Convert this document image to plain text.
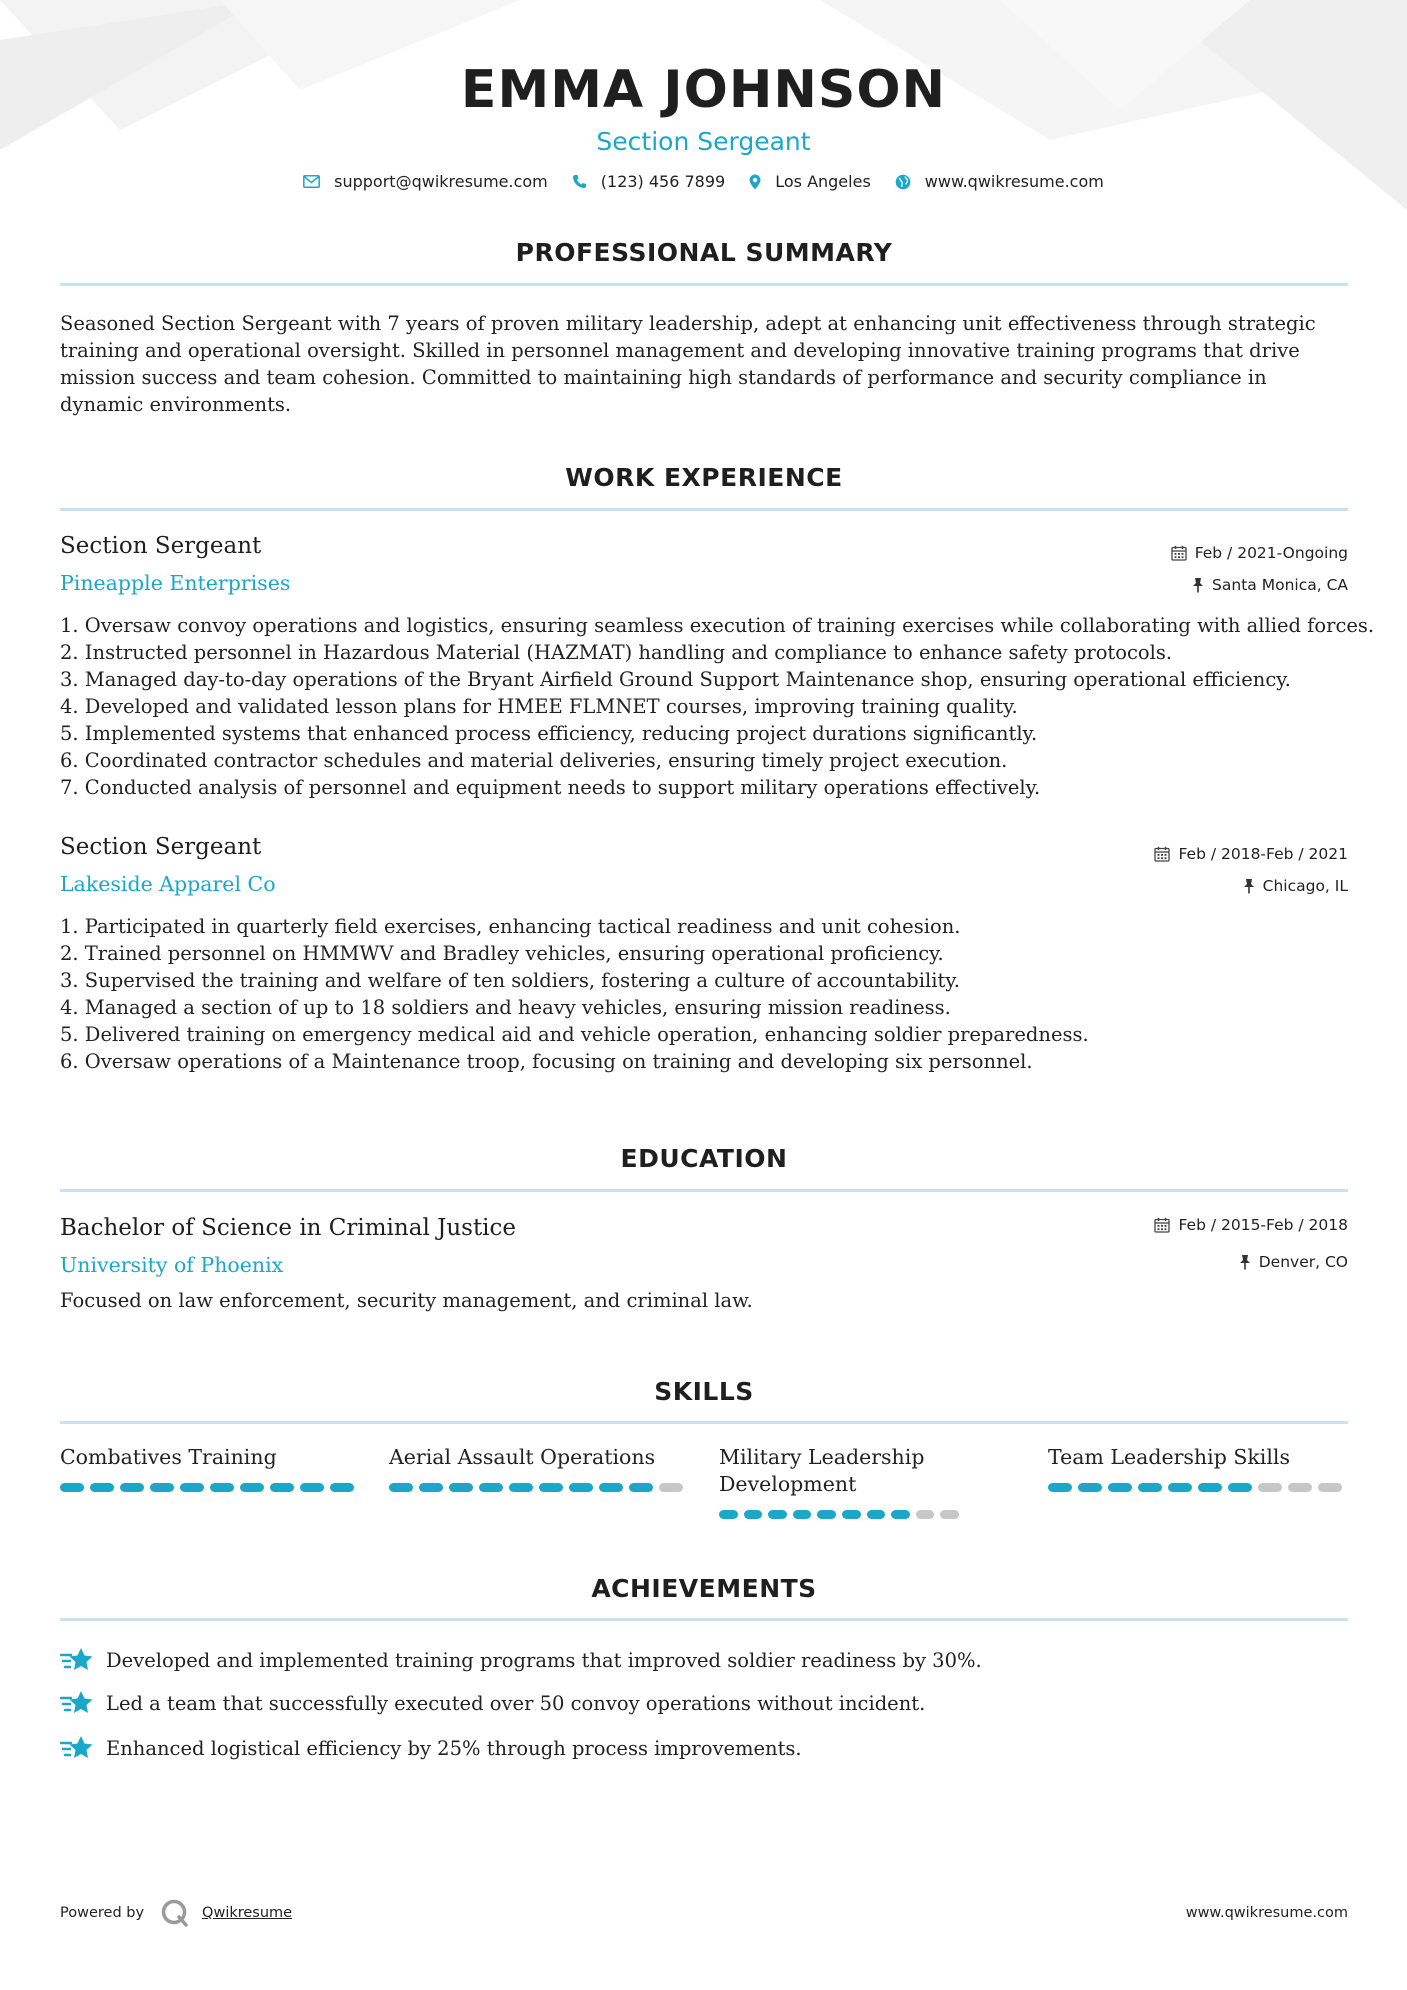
EMMA JOHNSON
Section Sergeant
support@qwikresume.com	(123) 456 7899	Los Angeles	www.qwikresume.com
PROFESSIONAL SUMMARY
Seasoned Section Sergeant with 7 years of proven military leadership, adept at enhancing unit effectiveness through strategic training and operational oversight. Skilled in personnel management and developing innovative training programs that drive mission success and team cohesion. Committed to maintaining high standards of performance and security compliance in dynamic environments.
WORK EXPERIENCE
Section Sergeant
Pineapple Enterprises
Feb / 2021-Ongoing
Santa Monica, CA
1. Oversaw convoy operations and logistics, ensuring seamless execution of training exercises while collaborating with allied forces.
2. Instructed personnel in Hazardous Material (HAZMAT) handling and compliance to enhance safety protocols.
3. Managed day-to-day operations of the Bryant Airfield Ground Support Maintenance shop, ensuring operational efficiency.
4. Developed and validated lesson plans for HMEE FLMNET courses, improving training quality.
5. Implemented systems that enhanced process efficiency, reducing project durations significantly.
6. Coordinated contractor schedules and material deliveries, ensuring timely project execution.
7. Conducted analysis of personnel and equipment needs to support military operations effectively.
Section Sergeant
Lakeside Apparel Co
Feb / 2018-Feb / 2021
Chicago, IL
1. Participated in quarterly field exercises, enhancing tactical readiness and unit cohesion.
2. Trained personnel on HMMWV and Bradley vehicles, ensuring operational proficiency.
3. Supervised the training and welfare of ten soldiers, fostering a culture of accountability.
4. Managed a section of up to 18 soldiers and heavy vehicles, ensuring mission readiness.
5. Delivered training on emergency medical aid and vehicle operation, enhancing soldier preparedness.
6. Oversaw operations of a Maintenance troop, focusing on training and developing six personnel.
EDUCATION
Bachelor of Science in Criminal Justice
University of Phoenix
Feb / 2015-Feb / 2018
Denver, CO
Focused on law enforcement, security management, and criminal law.
SKILLS
Combatives Training	Aerial Assault Operations	Military Leadership Development
Team Leadership Skills
ACHIEVEMENTS
Developed and implemented training programs that improved soldier readiness by 30%.
Led a team that successfully executed over 50 convoy operations without incident.
Enhanced logistical efficiency by 25% through process improvements.
Powered by	Qwikresume	www.qwikresume.com
